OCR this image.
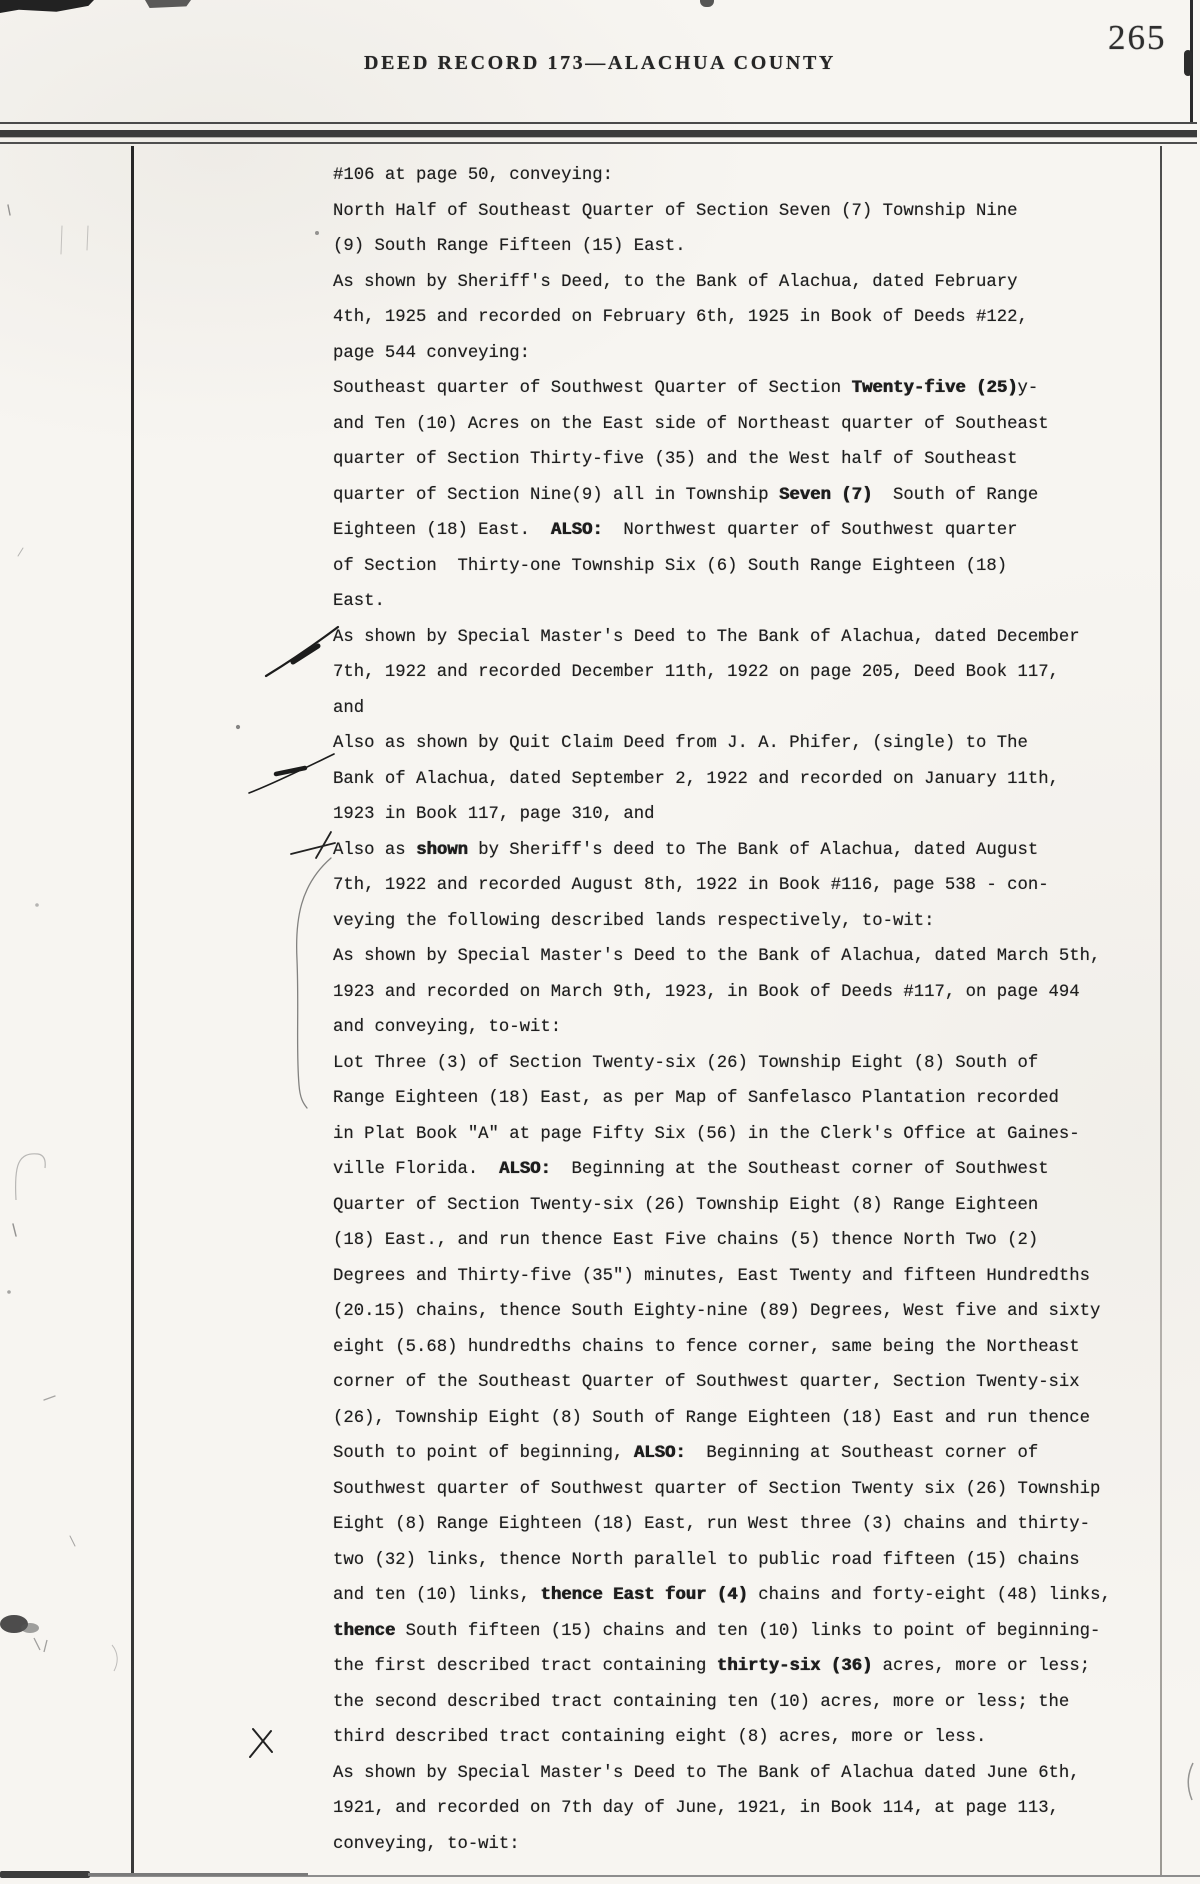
265
DEED RECORD 173—ALACHUA COUNTY
#106 at page 50, conveying:
North Half of Southeast Quarter of Section Seven (7) Township Nine
(9) South Range Fifteen (15) East.
As shown by Sheriff's Deed, to the Bank of Alachua, dated February
4th, 1925 and recorded on February 6th, 1925 in Book of Deeds #122,
page 544 conveying:
Southeast quarter of Southwest Quarter of Section Twenty-five (25)y-
and Ten (10) Acres on the East side of Northeast quarter of Southeast
quarter of Section Thirty-five (35) and the West half of Southeast
quarter of Section Nine(9) all in Township Seven (7)  South of Range
Eighteen (18) East.  ALSO:  Northwest quarter of Southwest quarter
of Section  Thirty-one Township Six (6) South Range Eighteen (18)
East.
As shown by Special Master's Deed to The Bank of Alachua, dated December
7th, 1922 and recorded December 11th, 1922 on page 205, Deed Book 117,
and
Also as shown by Quit Claim Deed from J. A. Phifer, (single) to The
Bank of Alachua, dated September 2, 1922 and recorded on January 11th,
1923 in Book 117, page 310, and
Also as shown by Sheriff's deed to The Bank of Alachua, dated August
7th, 1922 and recorded August 8th, 1922 in Book #116, page 538 - con-
veying the following described lands respectively, to-wit:
As shown by Special Master's Deed to the Bank of Alachua, dated March 5th,
1923 and recorded on March 9th, 1923, in Book of Deeds #117, on page 494
and conveying, to-wit:
Lot Three (3) of Section Twenty-six (26) Township Eight (8) South of
Range Eighteen (18) East, as per Map of Sanfelasco Plantation recorded
in Plat Book "A" at page Fifty Six (56) in the Clerk's Office at Gaines-
ville Florida.  ALSO:  Beginning at the Southeast corner of Southwest
Quarter of Section Twenty-six (26) Township Eight (8) Range Eighteen
(18) East., and run thence East Five chains (5) thence North Two (2)
Degrees and Thirty-five (35") minutes, East Twenty and fifteen Hundredths
(20.15) chains, thence South Eighty-nine (89) Degrees, West five and sixty
eight (5.68) hundredths chains to fence corner, same being the Northeast
corner of the Southeast Quarter of Southwest quarter, Section Twenty-six
(26), Township Eight (8) South of Range Eighteen (18) East and run thence
South to point of beginning, ALSO:  Beginning at Southeast corner of
Southwest quarter of Southwest quarter of Section Twenty six (26) Township
Eight (8) Range Eighteen (18) East, run West three (3) chains and thirty-
two (32) links, thence North parallel to public road fifteen (15) chains
and ten (10) links, thence East four (4) chains and forty-eight (48) links,
thence South fifteen (15) chains and ten (10) links to point of beginning-
the first described tract containing thirty-six (36) acres, more or less;
the second described tract containing ten (10) acres, more or less; the
third described tract containing eight (8) acres, more or less.
As shown by Special Master's Deed to The Bank of Alachua dated June 6th,
1921, and recorded on 7th day of June, 1921, in Book 114, at page 113,
conveying, to-wit:
